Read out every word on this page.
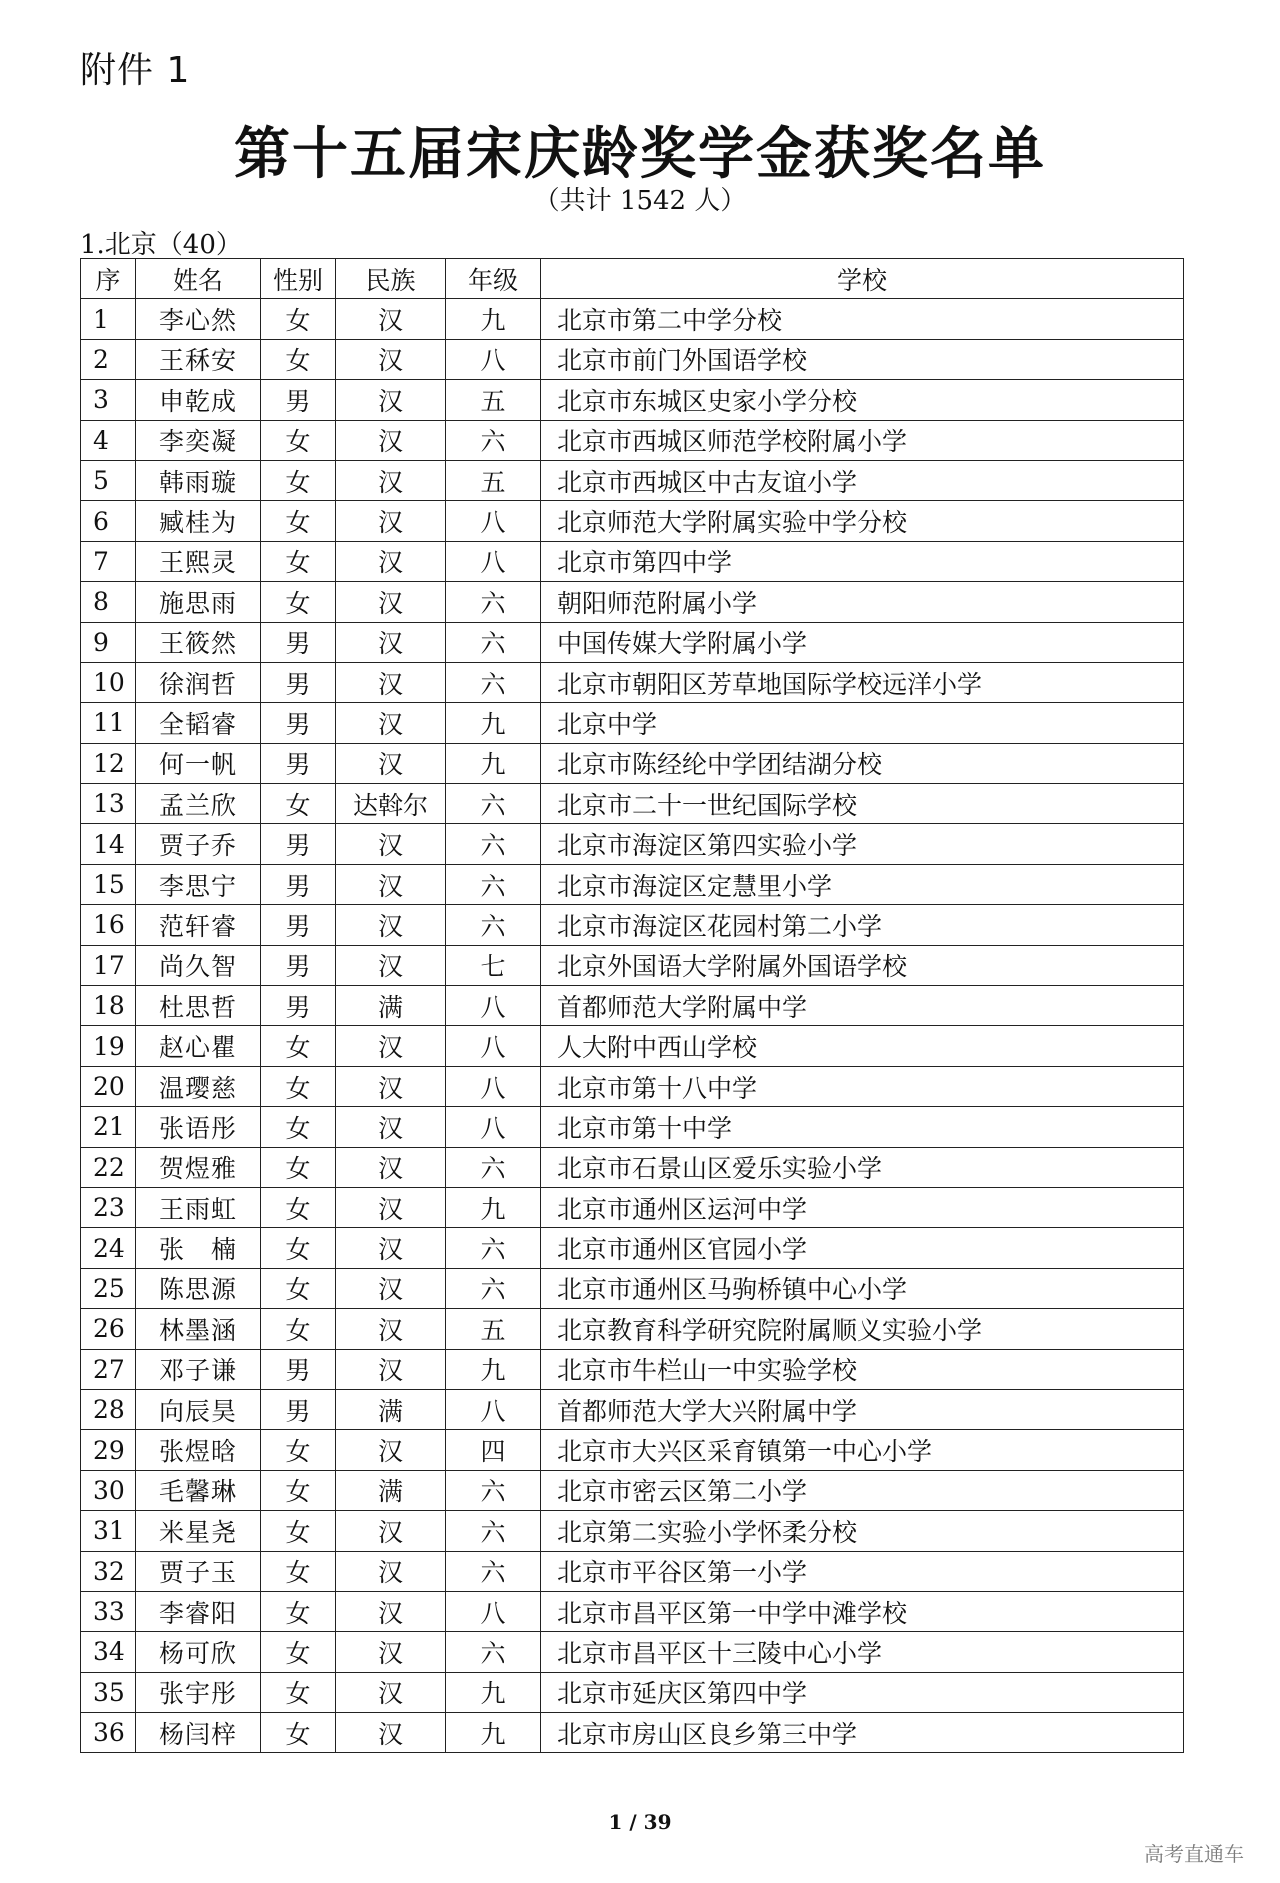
附件 1
第十五届宋庆龄奖学金获奖名单
（共计 1542 人）
1.北京（40）
序	姓名	性别	民族	年级	学校
1	李心然	女	汉	九	北京市第二中学分校
2	王秝安	女	汉	八	北京市前门外国语学校
3	申乾成	男	汉	五	北京市东城区史家小学分校
4	李奕凝	女	汉	六	北京市西城区师范学校附属小学
5	韩雨璇	女	汉	五	北京市西城区中古友谊小学
6	臧桂为	女	汉	八	北京师范大学附属实验中学分校
7	王熙灵	女	汉	八	北京市第四中学
8	施思雨	女	汉	六	朝阳师范附属小学
9	王筱然	男	汉	六	中国传媒大学附属小学
10	徐润哲	男	汉	六	北京市朝阳区芳草地国际学校远洋小学
11	全韬睿	男	汉	九	北京中学
12	何一帆	男	汉	九	北京市陈经纶中学团结湖分校
13	孟兰欣	女	达斡尔	六	北京市二十一世纪国际学校
14	贾子乔	男	汉	六	北京市海淀区第四实验小学
15	李思宁	男	汉	六	北京市海淀区定慧里小学
16	范轩睿	男	汉	六	北京市海淀区花园村第二小学
17	尚久智	男	汉	七	北京外国语大学附属外国语学校
18	杜思哲	男	满	八	首都师范大学附属中学
19	赵心瞿	女	汉	八	人大附中西山学校
20	温璎慈	女	汉	八	北京市第十八中学
21	张语彤	女	汉	八	北京市第十中学
22	贺煜雅	女	汉	六	北京市石景山区爱乐实验小学
23	王雨虹	女	汉	九	北京市通州区运河中学
24	张　楠	女	汉	六	北京市通州区官园小学
25	陈思源	女	汉	六	北京市通州区马驹桥镇中心小学
26	林墨涵	女	汉	五	北京教育科学研究院附属顺义实验小学
27	邓子谦	男	汉	九	北京市牛栏山一中实验学校
28	向辰昊	男	满	八	首都师范大学大兴附属中学
29	张煜晗	女	汉	四	北京市大兴区采育镇第一中心小学
30	毛馨琳	女	满	六	北京市密云区第二小学
31	米星尧	女	汉	六	北京第二实验小学怀柔分校
32	贾子玉	女	汉	六	北京市平谷区第一小学
33	李睿阳	女	汉	八	北京市昌平区第一中学中滩学校
34	杨可欣	女	汉	六	北京市昌平区十三陵中心小学
35	张宇彤	女	汉	九	北京市延庆区第四中学
36	杨闫梓	女	汉	九	北京市房山区良乡第三中学
1 / 39
高考直通车
